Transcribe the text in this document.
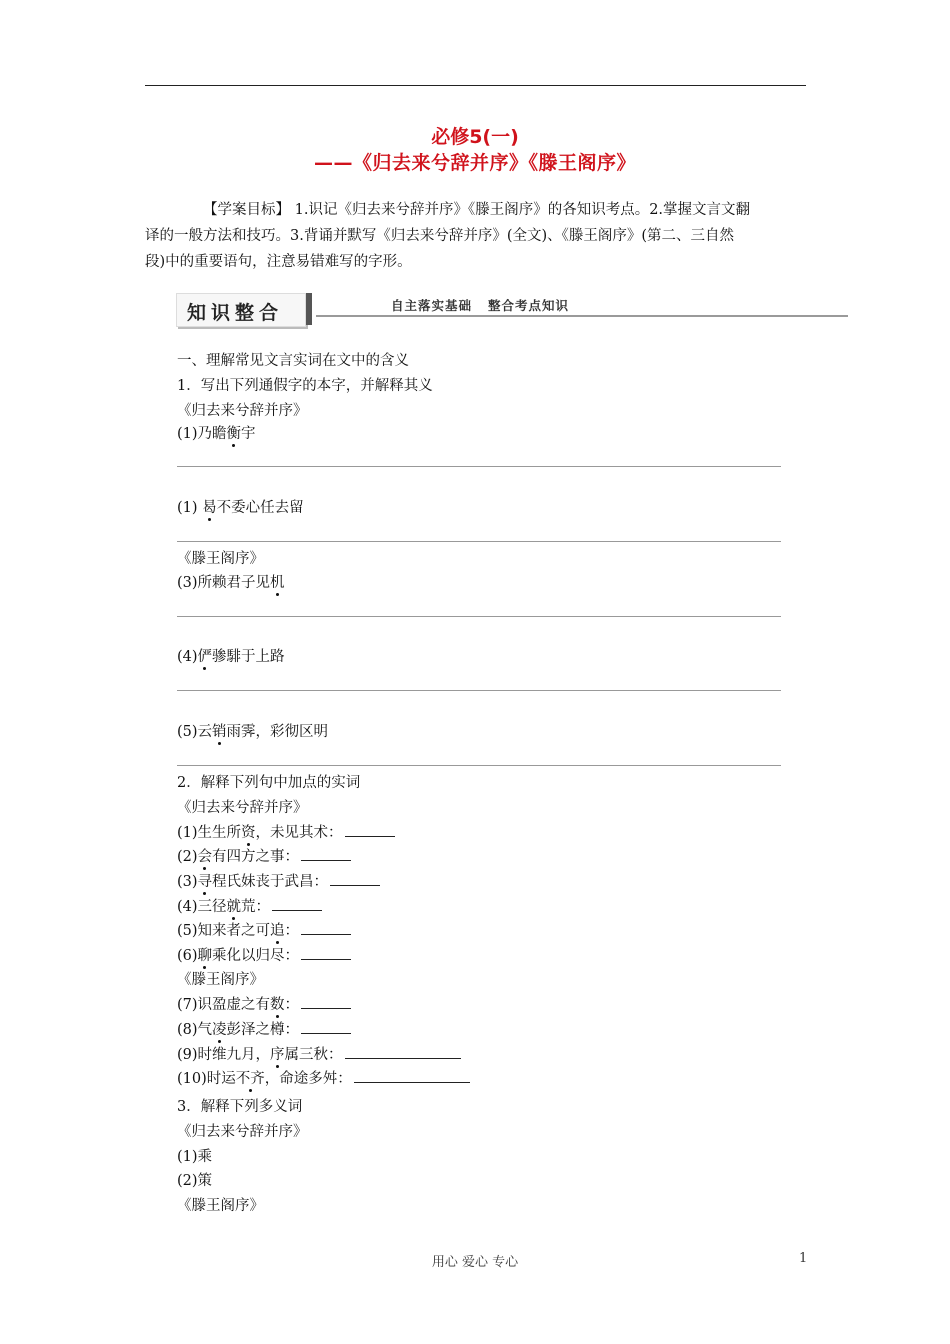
必修5(一)
——《归去来兮辞并序》《滕王阁序》

【学案目标】 1.识记《归去来兮辞并序》《滕王阁序》的各知识考点。2.掌握文言文翻

译的一般方法和技巧。3.背诵并默写《归去来兮辞并序》(全文)、《滕王阁序》(第二、三自然

段)中的重要语句，注意易错难写的字形。

知识整合	自主落实基础   整合考点知识
一、理解常见文言实词在文中的含义
1．写出下列通假字的本字，并解释其义
《归去来兮辞并序》
(1)乃瞻衡宇
(1) 曷不委心任去留
《滕王阁序》
(3)所赖君子见机
(4)俨骖騑于上路
(5)云销雨霁，彩彻区明
2．解释下列句中加点的实词
《归去来兮辞并序》
(1)生生所资，未见其术：
(2)会有四方之事：
(3)寻程氏妹丧于武昌：
(4)三径就荒：
(5)知来者之可追：
(6)聊乘化以归尽：
《滕王阁序》
(7)识盈虚之有数：
(8)气凌彭泽之樽：
(9)时维九月，序属三秋：
(10)时运不齐，命途多舛：
3．解释下列多义词
《归去来兮辞并序》
(1)乘
(2)策
《滕王阁序》
用心 爱心 专心	1
